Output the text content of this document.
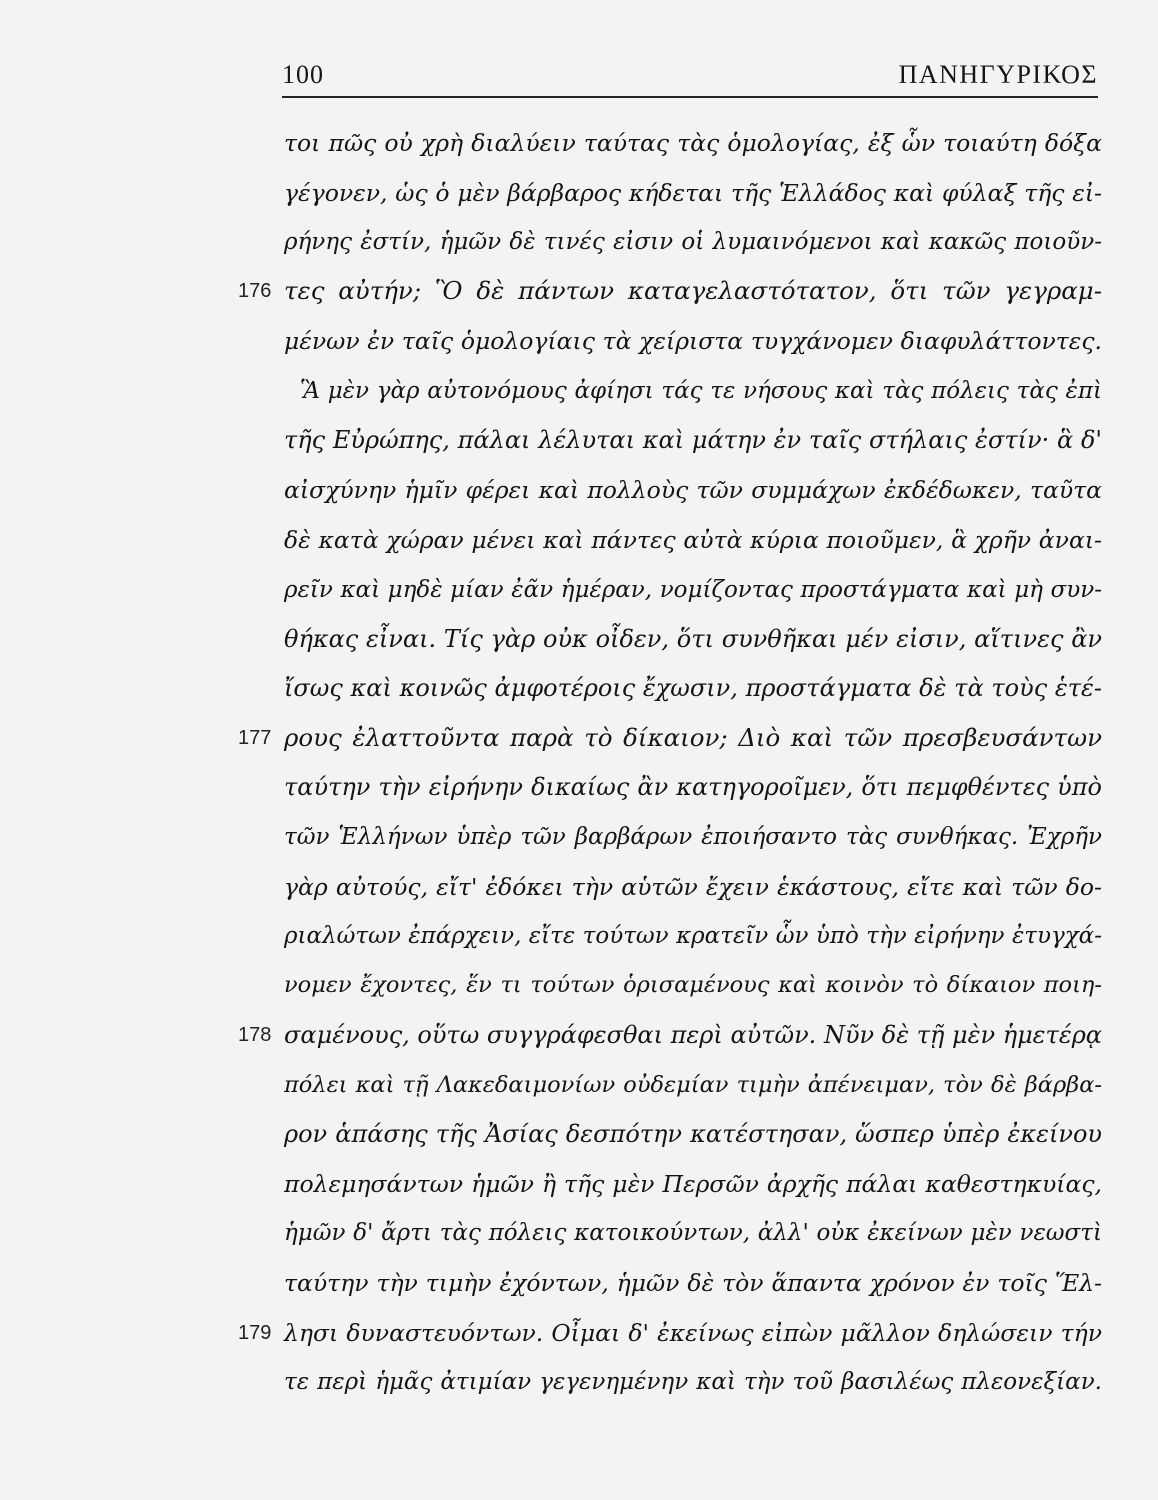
100	ΠΑΝΗΓΥΡΙΚΟΣ
τοι πῶς οὐ χρὴ διαλύειν ταύτας τὰς ὁμολογίας, ἐξ ὧν τοιαύτη δόξα
γέγονεν, ὡς ὁ μὲν βάρβαρος κήδεται τῆς Ἑλλάδος καὶ φύλαξ τῆς εἰ-
ρήνης ἐστίν, ἡμῶν δὲ τινές εἰσιν οἱ λυμαινόμενοι καὶ κακῶς ποιοῦν-
176 τες αὐτήν; Ὃ δὲ πάντων καταγελαστότατον, ὅτι τῶν γεγραμ-
μένων ἐν ταῖς ὁμολογίαις τὰ χείριστα τυγχάνομεν διαφυλάττοντες.
Ἃ μὲν γὰρ αὐτονόμους ἀφίησι τάς τε νήσους καὶ τὰς πόλεις τὰς ἐπὶ
τῆς Εὐρώπης, πάλαι λέλυται καὶ μάτην ἐν ταῖς στήλαις ἐστίν· ἃ δ'
αἰσχύνην ἡμῖν φέρει καὶ πολλοὺς τῶν συμμάχων ἐκδέδωκεν, ταῦτα
δὲ κατὰ χώραν μένει καὶ πάντες αὐτὰ κύρια ποιοῦμεν, ἃ χρῆν ἀναι-
ρεῖν καὶ μηδὲ μίαν ἐᾶν ἡμέραν, νομίζοντας προστάγματα καὶ μὴ συν-
θήκας εἶναι. Τίς γὰρ οὐκ οἶδεν, ὅτι συνθῆκαι μέν εἰσιν, αἵτινες ἂν
ἴσως καὶ κοινῶς ἀμφοτέροις ἔχωσιν, προστάγματα δὲ τὰ τοὺς ἑτέ-
177 ρους ἐλαττοῦντα παρὰ τὸ δίκαιον; Διὸ καὶ τῶν πρεσβευσάντων
ταύτην τὴν εἰρήνην δικαίως ἂν κατηγοροῖμεν, ὅτι πεμφθέντες ὑπὸ
τῶν Ἑλλήνων ὑπὲρ τῶν βαρβάρων ἐποιήσαντο τὰς συνθήκας. Ἐχρῆν
γὰρ αὐτούς, εἴτ' ἐδόκει τὴν αὑτῶν ἔχειν ἑκάστους, εἴτε καὶ τῶν δο-
ριαλώτων ἐπάρχειν, εἴτε τούτων κρατεῖν ὧν ὑπὸ τὴν εἰρήνην ἐτυγχά-
νομεν ἔχοντες, ἕν τι τούτων ὁρισαμένους καὶ κοινὸν τὸ δίκαιον ποιη-
178 σαμένους, οὕτω συγγράφεσθαι περὶ αὐτῶν. Νῦν δὲ τῇ μὲν ἡμετέρᾳ
πόλει καὶ τῇ Λακεδαιμονίων οὐδεμίαν τιμὴν ἀπένειμαν, τὸν δὲ βάρβα-
ρον ἁπάσης τῆς Ἀσίας δεσπότην κατέστησαν, ὥσπερ ὑπὲρ ἐκείνου
πολεμησάντων ἡμῶν ἢ τῆς μὲν Περσῶν ἀρχῆς πάλαι καθεστηκυίας,
ἡμῶν δ' ἄρτι τὰς πόλεις κατοικούντων, ἀλλ' οὐκ ἐκείνων μὲν νεωστὶ
ταύτην τὴν τιμὴν ἐχόντων, ἡμῶν δὲ τὸν ἅπαντα χρόνον ἐν τοῖς Ἕλ-
179 λησι δυναστευόντων. Οἶμαι δ' ἐκείνως εἰπὼν μᾶλλον δηλώσειν τήν
τε περὶ ἡμᾶς ἀτιμίαν γεγενημένην καὶ τὴν τοῦ βασιλέως πλεονεξίαν.
